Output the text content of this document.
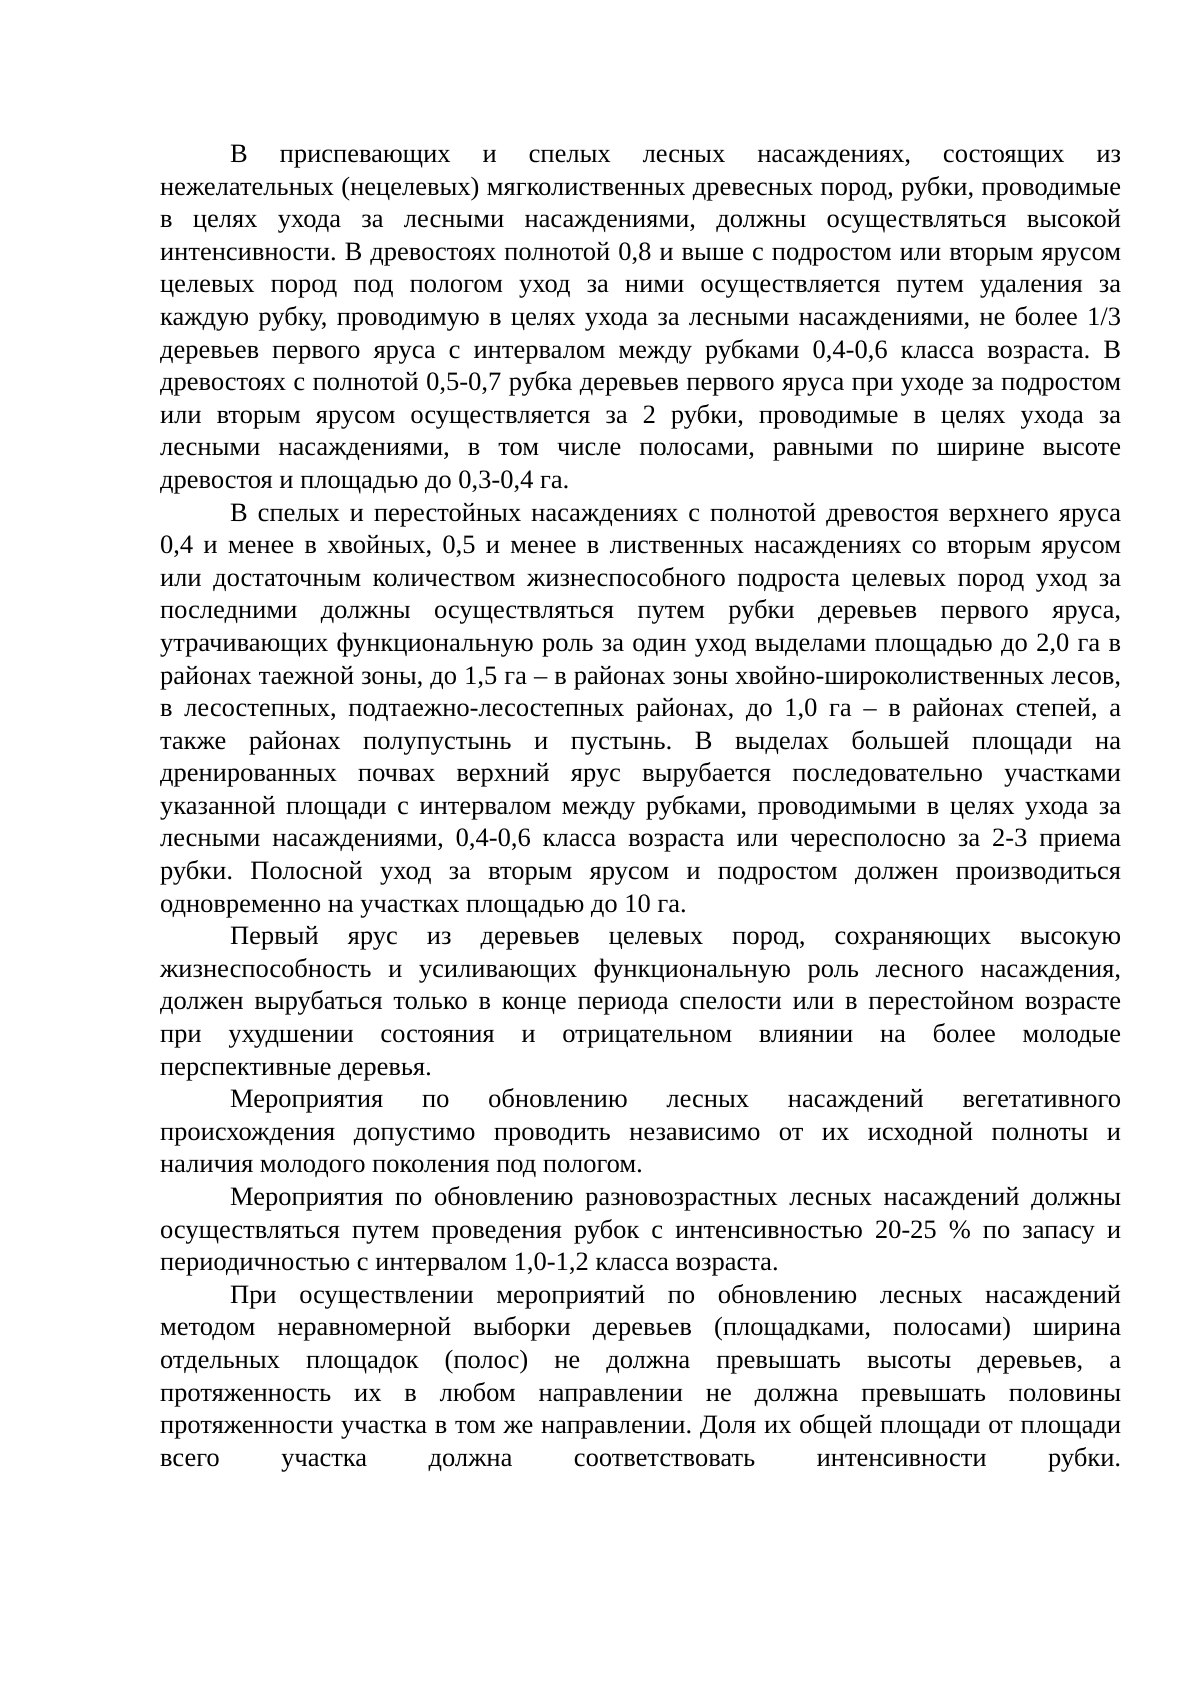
В приспевающих и спелых лесных насаждениях, состоящих из нежелательных (нецелевых) мягколиственных древесных пород, рубки, проводимые в целях ухода за лесными насаждениями, должны осуществляться высокой интенсивности. В древостоях полнотой 0,8 и выше с подростом или вторым ярусом целевых пород под пологом уход за ними осуществляется путем удаления за каждую рубку, проводимую в целях ухода за лесными насаждениями, не более 1/3 деревьев первого яруса с интервалом между рубками 0,4-0,6 класса возраста. В древостоях с полнотой 0,5-0,7 рубка деревьев первого яруса при уходе за подростом или вторым ярусом осуществляется за 2 рубки, проводимые в целях ухода за лесными насаждениями, в том числе полосами, равными по ширине высоте древостоя и площадью до 0,3-0,4 га.

В спелых и перестойных насаждениях с полнотой древостоя верхнего яруса 0,4 и менее в хвойных, 0,5 и менее в лиственных насаждениях со вторым ярусом или достаточным количеством жизнеспособного подроста целевых пород уход за последними должны осуществляться путем рубки деревьев первого яруса, утрачивающих функциональную роль за один уход выделами площадью до 2,0 га в районах таежной зоны, до 1,5 га – в районах зоны хвойно-широколиственных лесов, в лесостепных, подтаежно-лесостепных районах, до 1,0 га – в районах степей, а также районах полупустынь и пустынь. В выделах большей площади на дренированных почвах верхний ярус вырубается последовательно участками указанной площади с интервалом между рубками, проводимыми в целях ухода за лесными насаждениями, 0,4-0,6 класса возраста или чересполосно за 2-3 приема рубки. Полосной уход за вторым ярусом и подростом должен производиться одновременно на участках площадью до 10 га.

Первый ярус из деревьев целевых пород, сохраняющих высокую жизнеспособность и усиливающих функциональную роль лесного насаждения, должен вырубаться только в конце периода спелости или в перестойном возрасте при ухудшении состояния и отрицательном влиянии на более молодые перспективные деревья.

Мероприятия по обновлению лесных насаждений вегетативного происхождения допустимо проводить независимо от их исходной полноты и наличия молодого поколения под пологом.

Мероприятия по обновлению разновозрастных лесных насаждений должны осуществляться путем проведения рубок с интенсивностью 20-25 % по запасу и периодичностью с интервалом 1,0-1,2 класса возраста.

При осуществлении мероприятий по обновлению лесных насаждений методом неравномерной выборки деревьев (площадками, полосами) ширина отдельных площадок (полос) не должна превышать высоты деревьев, а протяженность их в любом направлении не должна превышать половины протяженности участка в том же направлении. Доля их общей площади от площади всего участка должна соответствовать интенсивности рубки.
